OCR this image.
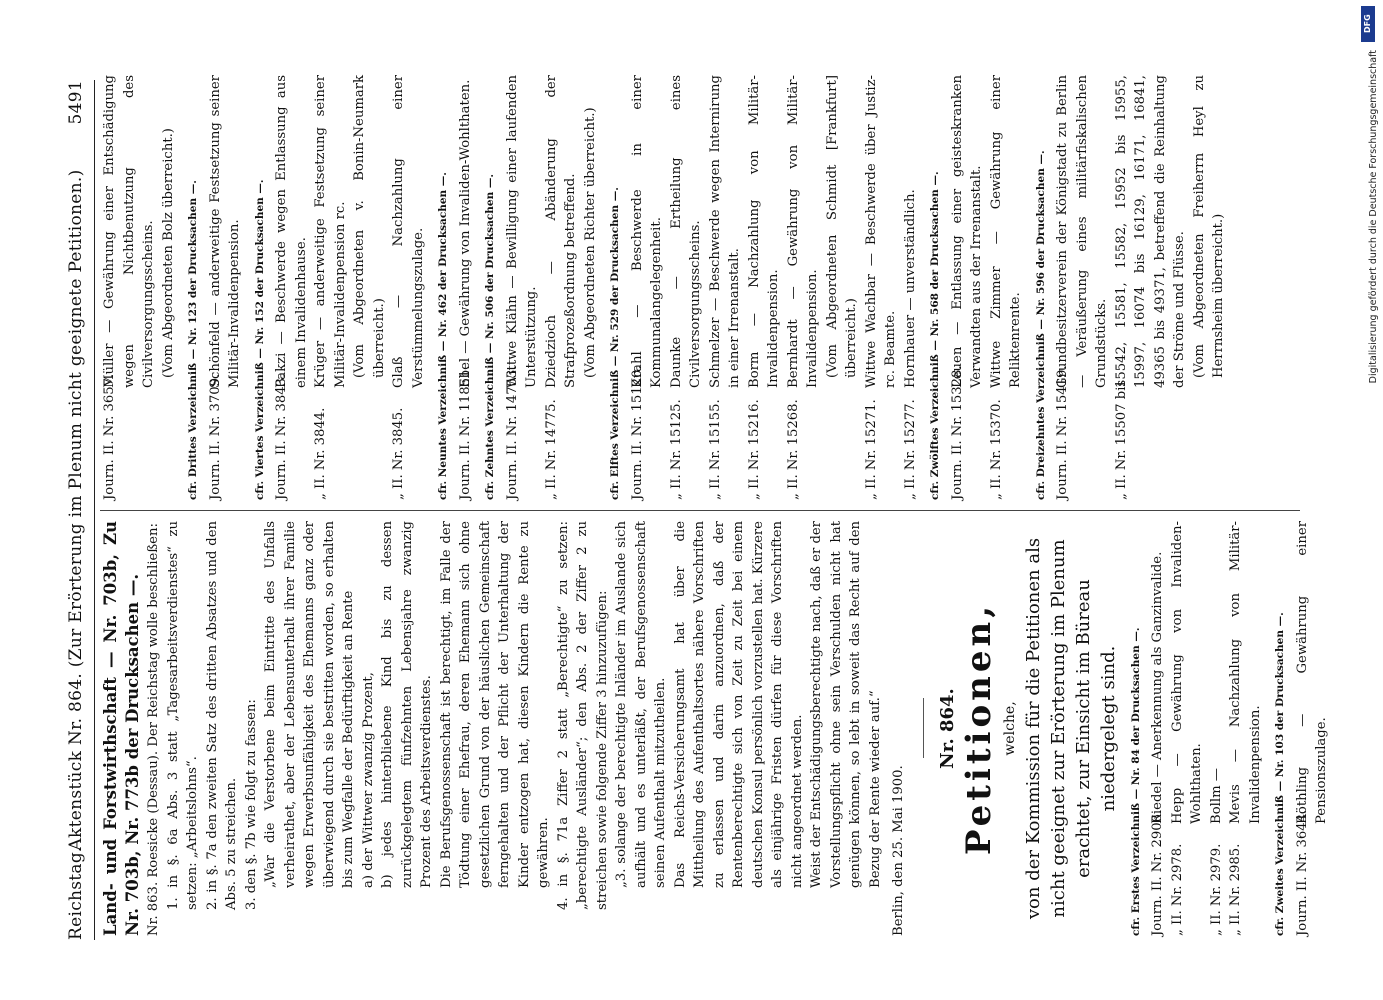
Reichstag.
Aktenstück Nr. 864. (Zur Erörterung im Plenum nicht geeignete Petitionen.)
5491

Land- und Forstwirthschaft — Nr. 703b, Zu Nr. 703b, Nr. 773b der Drucksachen —. Nr. 863. Roesicke (Dessau). Der Reichstag wolle beschließen: 1. in §. 6a Abs. 3 statt „Tagesarbeitsverdienstes“ zu setzen: „Arbeitslohns“. 2. in §. 7a den zweiten Satz des dritten Absatzes und den Abs. 5 zu streichen. 3. den §. 7b wie folgt zu fassen: „War die Verstorbene beim Eintritte des Unfalls verheirathet, aber der Lebensunterhalt ihrer Familie wegen Erwerbsunfähigkeit des Ehemanns ganz oder überwiegend durch sie bestritten worden, so erhalten bis zum Wegfalle der Bedürftigkeit an Rente a) der Wittwer zwanzig Prozent, b) jedes hinterbliebene Kind bis zu dessen zurückgelegtem fünfzehnten Lebensjahre zwanzig Prozent des Arbeitsverdienstes. Die Berufsgenossenschaft ist berechtigt, im Falle der Tödtung einer Ehefrau, deren Ehemann sich ohne gesetzlichen Grund von der häuslichen Gemeinschaft ferngehalten und der Pflicht der Unterhaltung der Kinder entzogen hat, diesen Kindern die Rente zu gewähren. 4. in §. 71a Ziffer 2 statt „Berechtigte“ zu setzen: „berechtigte Ausländer“; den Abs. 2 der Ziffer 2 zu streichen sowie folgende Ziffer 3 hinzuzufügen: „3. solange der berechtigte Inländer im Auslande sich aufhält und es unterläßt, der Berufsgenossenschaft seinen Aufenthalt mitzutheilen. Das Reichs-Versicherungsamt hat über die Mittheilung des Aufenthaltsortes nähere Vorschriften zu erlassen und darin anzuordnen, daß der Rentenberechtigte sich von Zeit zu Zeit bei einem deutschen Konsul persönlich vorzustellen hat. Kürzere als einjährige Fristen dürfen für diese Vorschriften nicht angeordnet werden. Weist der Entschädigungsberechtigte nach, daß er der Vorstellungspflicht ohne sein Verschulden nicht hat genügen können, so lebt in soweit das Recht auf den Bezug der Rente wieder auf.“ Berlin, den 25. Mai 1900.

Nr. 864. Petitionen, welche, von der Kommission für die Petitionen als nicht geeignet zur Erörterung im Plenum erachtet, zur Einsicht im Büreau niedergelegt sind. cfr. Erstes Verzeichniß — Nr. 84 der Drucksachen —. Journ. II. Nr. 2906.
Riedel — Anerkennung als Ganzinvalide.
„ II. Nr. 2978.
Hepp — Gewährung von Invaliden-Wohlthaten.
„ II. Nr. 2979.
Bollm —
„ II. Nr. 2985.
Mevis — Nachzahlung von Militär-Invalidenpension. cfr. Zweites Verzeichniß — Nr. 103 der Drucksachen —. Journ. II. Nr. 3644.
Röthling — Gewährung einer Pensionszulage.
Journ. II. Nr. 3657.
Müller — Gewährung einer Entschädigung wegen Nichtbenutzung des Civilversorgungsscheins. (Vom Abgeordneten Bolz überreicht.) cfr. Drittes Verzeichniß — Nr. 123 der Drucksachen —. Journ. II. Nr. 3709.
Schönfeld — anderweitige Festsetzung seiner Militär-Invalidenpension. cfr. Viertes Verzeichniß — Nr. 152 der Drucksachen —. Journ. II. Nr. 3843.
Pakzi — Beschwerde wegen Entlassung aus einem Invalidenhause.
„ II. Nr. 3844.
Krüger — anderweitige Festsetzung seiner Militär-Invalidenpension rc. (Vom Abgeordneten v. Bonin-Neumark überreicht.)
„ II. Nr. 3845.
Glaß — Nachzahlung einer Verstümmelungszulage. cfr. Neuntes Verzeichniß — Nr. 462 der Drucksachen —. Journ. II. Nr. 11851.
Ebel — Gewährung von Invaliden-Wohlthaten. cfr. Zehntes Verzeichniß — Nr. 506 der Drucksachen —. Journ. II. Nr. 14753.
Wittwe Klähn — Bewilligung einer laufenden Unterstützung.
„ II. Nr. 14775.
Dziedzioch — Abänderung der Strafprozeßordnung betreffend. (Vom Abgeordneten Richter überreicht.) cfr. Elftes Verzeichniß — Nr. 529 der Drucksachen —. Journ. II. Nr. 15120.
Krahl — Beschwerde in einer Kommunalangelegenheit.
„ II. Nr. 15125.
Daunke — Ertheilung eines Civilversorgungsscheins.
„ II. Nr. 15155.
Schmelzer — Beschwerde wegen Internirung in einer Irrenanstalt.
„ II. Nr. 15216.
Borm — Nachzahlung von Militär-Invalidenpension.
„ II. Nr. 15268.
Bernhardt — Gewährung von Militär-Invalidenpension. (Vom Abgeordneten Schmidt [Frankfurt] überreicht.)
„ II. Nr. 15271.
Wittwe Wachbar — Beschwerde über Justiz- rc. Beamte.
„ II. Nr. 15277.
Hornhauer — unverständlich. cfr. Zwölftes Verzeichniß — Nr. 568 der Drucksachen —. Journ. II. Nr. 15328.
Leuen — Entlassung einer geisteskranken Verwandten aus der Irrenanstalt.
„ II. Nr. 15370.
Wittwe Zimmer — Gewährung einer Reliktenrente. cfr. Dreizehntes Verzeichniß — Nr. 596 der Drucksachen —. Journ. II. Nr. 15419.
Grundbesitzerverein der Königstadt zu Berlin — Veräußerung eines militärfiskalischen Grundstücks.
„ II. Nr. 15507 bis
15542, 15581, 15582, 15952 bis 15955, 15997, 16074 bis 16129, 16171, 16841, 49365 bis 49371, betreffend die Reinhaltung der Ströme und Flüsse. (Vom Abgeordneten Freiherrn Heyl zu Herrnsheim überreicht.)
DFG
Digitalisierung gefördert durch die Deutsche Forschungsgemeinschaft
